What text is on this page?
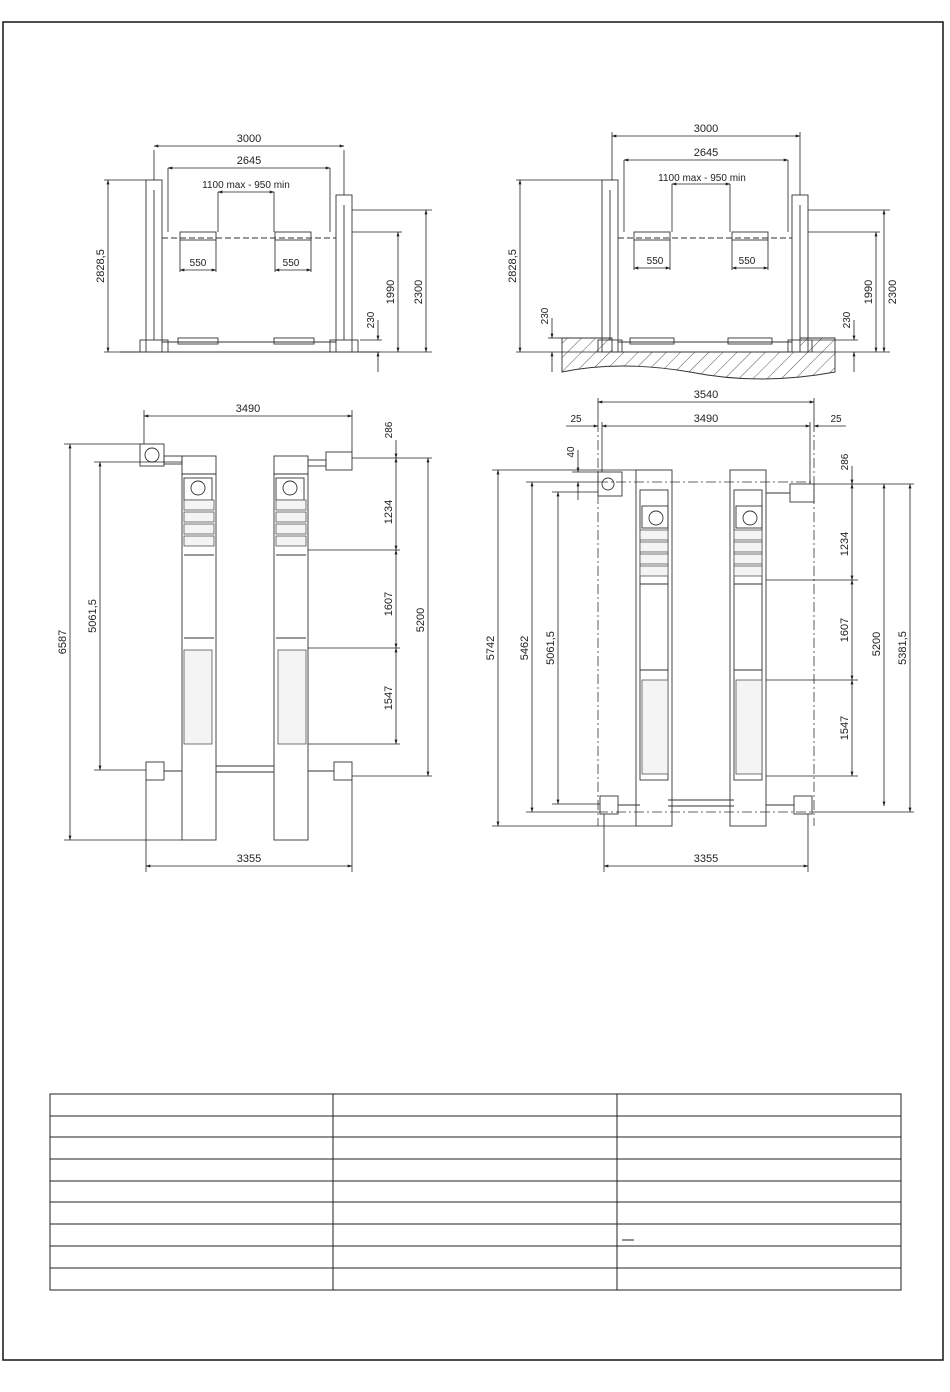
3000
2645
1100 max - 950 min
550	550
2828,5
1990 2300
230
3000
2645
1100 max - 950 min
550	550
2828,5
230
1990 2300
230
3490
3355
6587
5061,5
286
1234
1607
1547
5200
3540
3490
25	25
40
5742 5462 5061,5
286
1234
1607
1547
5200 5381,5
3355
